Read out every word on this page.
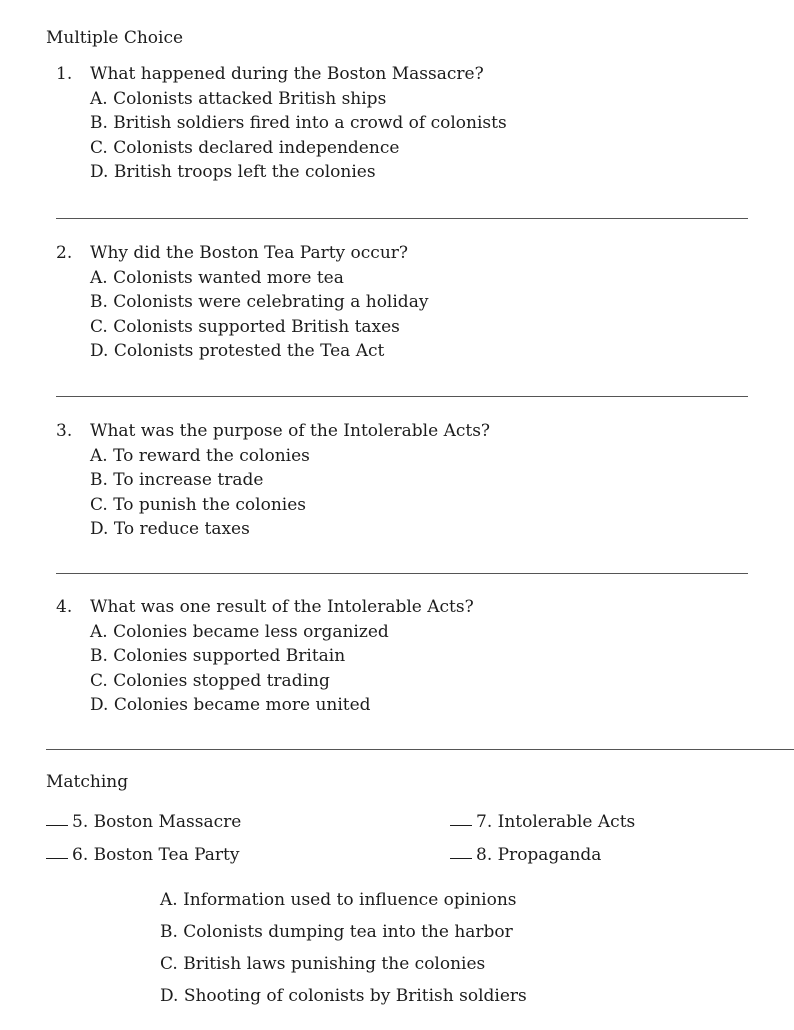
Multiple Choice
1. What happened during the Boston Massacre?
A. Colonists attacked British ships
B. British soldiers fired into a crowd of colonists
C. Colonists declared independence
D. British troops left the colonies
2. Why did the Boston Tea Party occur?
A. Colonists wanted more tea
B. Colonists were celebrating a holiday
C. Colonists supported British taxes
D. Colonists protested the Tea Act
3. What was the purpose of the Intolerable Acts?
A. To reward the colonies
B. To increase trade
C. To punish the colonies
D. To reduce taxes
4. What was one result of the Intolerable Acts?
A. Colonies became less organized
B. Colonies supported Britain
C. Colonies stopped trading
D. Colonies became more united
Matching
5. Boston Massacre
6. Boston Tea Party
7. Intolerable Acts
8. Propaganda
A. Information used to influence opinions
B. Colonists dumping tea into the harbor
C. British laws punishing the colonies
D. Shooting of colonists by British soldiers
